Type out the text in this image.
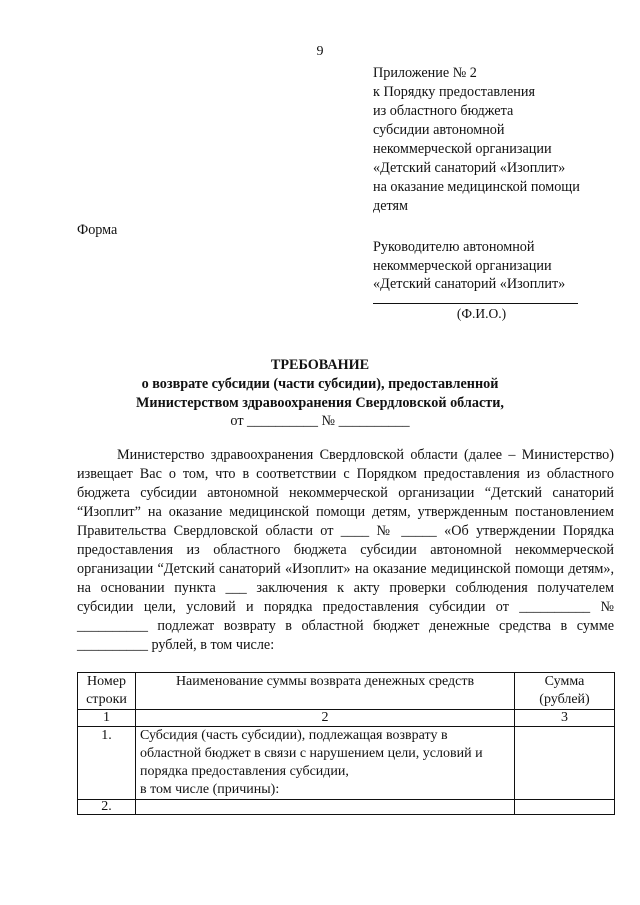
9
Приложение № 2
к Порядку предоставления
из областного бюджета
субсидии автономной
некоммерческой организации
«Детский санаторий «Изоплит»
на оказание медицинской помощи
детям
Форма
Руководителю автономной
некоммерческой организации
«Детский санаторий «Изоплит»
(Ф.И.О.)
ТРЕБОВАНИЕ
о возврате субсидии (части субсидии), предоставленной
Министерством здравоохранения Свердловской области,
от __________ № __________

Министерство здравоохранения Свердловской области (далее – Министерство) извещает Вас о том, что в соответствии с Порядком предоставления из областного бюджета субсидии автономной некоммерческой организации “Детский санаторий “Изоплит” на оказание медицинской помощи детям, утвержденным постановлением Правительства Свердловской области от ____ № _____ «Об утверждении Порядка предоставления из областного бюджета субсидии автономной некоммерческой организации “Детский санаторий «Изоплит» на оказание медицинской помощи детям», на основании пункта ___ заключения к акту проверки соблюдения получателем субсидии цели, условий и порядка предоставления субсидии от __________ № __________ подлежат возврату в областной бюджет денежные средства в сумме __________ рублей, в том числе:

Номер строки	Наименование суммы возврата денежных средств	Сумма (рублей)
1	2	3
1.	Субсидия (часть субсидии), подлежащая возврату в областной бюджет в связи с нарушением цели, условий и порядка предоставления субсидии,
в том числе (причины):	
2.		
